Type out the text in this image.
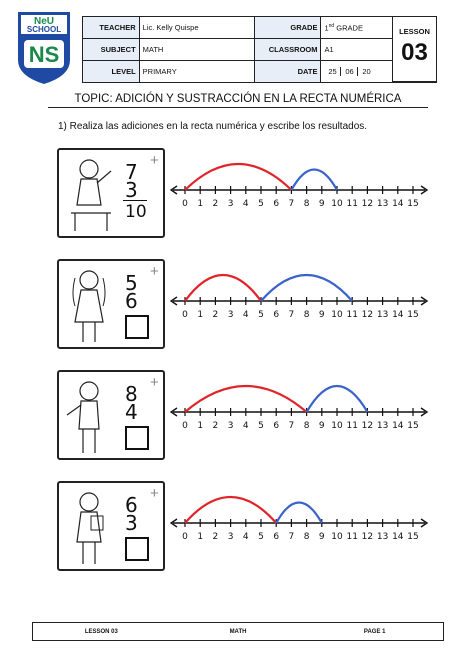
NeU
SCHOOL
NS
TEACHER	Lic. Kelly Quispe	GRADE	1nd GRADE
SUBJECT	MATH	CLASSROOM	A1
LEVEL	PRIMARY	DATE	25 06 20
LESSON
03
TOPIC: ADICIÓN Y SUSTRACCIÓN EN LA RECTA NUMÉRICA
1) Realiza las adiciones en la recta numérica y escribe los resultados.
7 +
3
10	0 1 2 3 4 5 6 7 8 9 10 11 12 13 14 15
5 +
6
0 1 2 3 4 5 6 7 8 9 10 11 12 13 14 15
8 +
4
0 1 2 3 4 5 6 7 8 9 10 11 12 13 14 15
6 +
3
0 1 2 3 4 5 6 7 8 9 10 11 12 13 14 15
LESSON 03	MATH	PAGE 1
